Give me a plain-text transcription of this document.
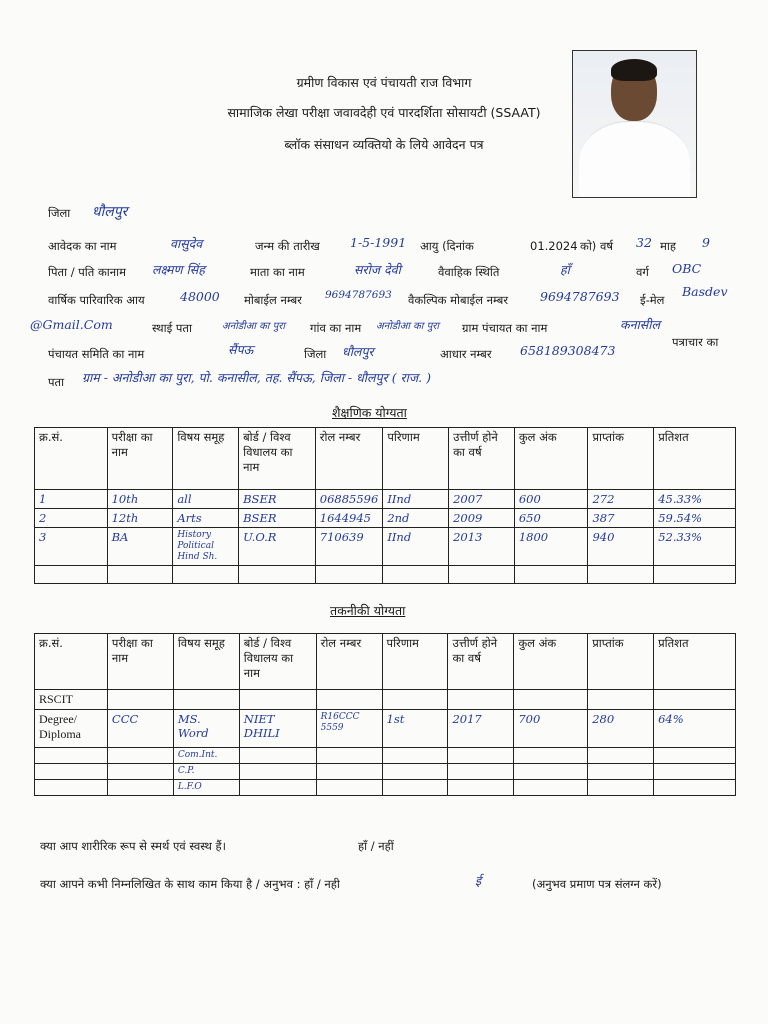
ग्रमीण विकास एवं पंचायती राज विभाग
सामाजिक लेखा परीक्षा जवावदेही एवं पारदर्शिता सोसायटी (SSAAT)
ब्लॉक संसाधन व्यक्तियो के लिये आवेदन पत्र
जिला धौलपुर
आवेदक का नाम	वासुदेव	जन्म की तारीख 1-5-1991 आयु (दिनांक	01.2024 को) वर्ष 32 माह 9
पिता / पति कानाम लक्ष्मण सिंह	माता का नाम	सरोज देवी	वैवाहिक स्थिति	हाँ	वर्ग OBC
वार्षिक पारिवारिक आय	48000 मोबाईल नम्बर 9694787693 वैकल्पिक मोबाईल नम्बर	9694787693 ई-मेल
Basdev
@Gmail.Com	स्थाई पता	अनोडीआ का पुरा गांव का नाम अनोडीआ का पुरा ग्राम पंचायत का नाम	कनासील
पंचायत समिति का नाम	सैंपऊ	जिला धौलपुर	आधार नम्बर 658189308473
पत्राचार का
पता ग्राम - अनोडीआ का पुरा, पो. कनासील, तह. सैंपऊ, जिला - धौलपुर ( राज. )
शैक्षणिक योग्यता
क्र.सं.	परीक्षा का नाम	विषय समूह	बोर्ड / विश्व विधालय का नाम	रोल नम्बर	परिणाम	उत्तीर्ण होने का वर्ष	कुल अंक	प्राप्तांक	प्रतिशत
1	10th	all	BSER	06885596	IInd	2007	600	272	45.33%
2	12th	Arts	BSER	1644945	2nd	2009	650	387	59.54%
3	BA	History Political Hind Sh.	U.O.R	710639	IInd	2013	1800	940	52.33%

तकनीकी योग्यता
क्र.सं.	परीक्षा का नाम	विषय समूह	बोर्ड / विश्व विधालय का नाम	रोल नम्बर	परिणाम	उत्तीर्ण होने का वर्ष	कुल अंक	प्राप्तांक	प्रतिशत
RSCIT									
Degree/ Diploma	CCC	MS. Word	NIET DHILI	R16CCC 5559	1st	2017	700	280	64%
		Com.Int.							
		C.P.							
		L.F.O							
क्या आप शारीरिक रूप से स्मर्थ एवं स्वस्थ हैं।	हाँ / नहीं
क्या आपने कभी निम्नलिखित के साथ काम किया है / अनुभव : हाँ / नही	ई	(अनुभव प्रमाण पत्र संलग्न करें)
